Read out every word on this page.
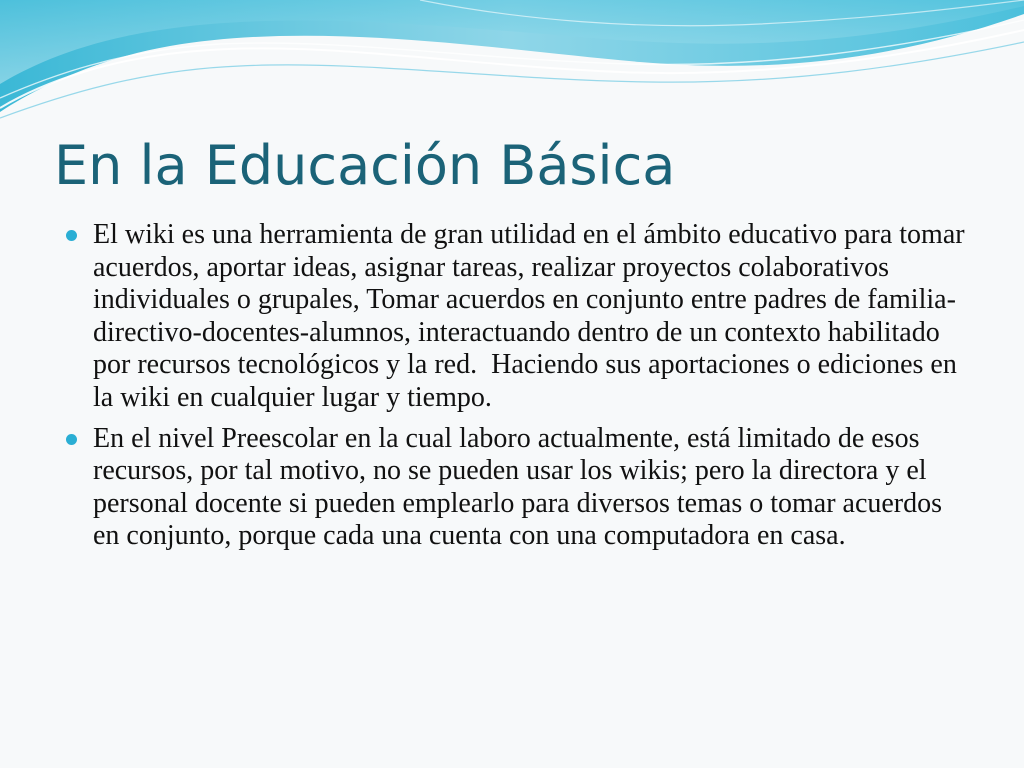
En la Educación Básica
El wiki es una herramienta de gran utilidad en el ámbito educativo para tomar acuerdos, aportar ideas, asignar tareas, realizar proyectos colaborativos individuales o grupales, Tomar acuerdos en conjunto entre padres de familia-directivo-docentes-alumnos, interactuando dentro de un contexto habilitado por recursos tecnológicos y la red.  Haciendo sus aportaciones o ediciones en la wiki en cualquier lugar y tiempo.
En el nivel Preescolar en la cual laboro actualmente, está limitado de esos recursos, por tal motivo, no se pueden usar los wikis; pero la directora y el personal docente si pueden emplearlo para diversos temas o tomar acuerdos en conjunto, porque cada una cuenta con una computadora en casa.
